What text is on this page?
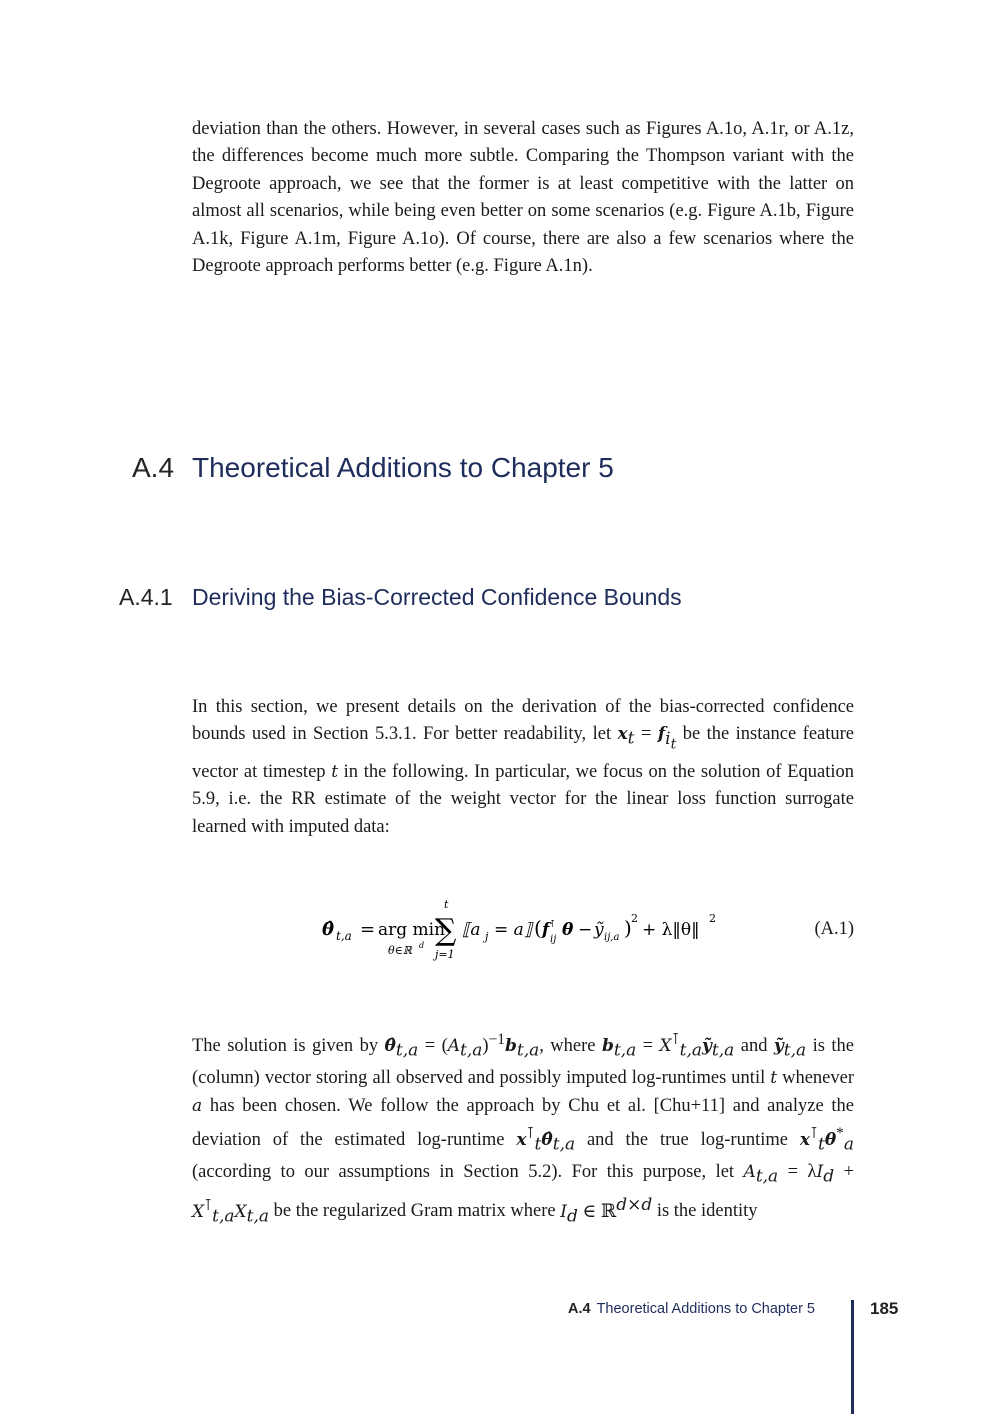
deviation than the others. However, in several cases such as Figures A.1o, A.1r, or A.1z, the differences become much more subtle. Comparing the Thompson variant with the Degroote approach, we see that the former is at least competitive with the latter on almost all scenarios, while being even better on some scenarios (e.g. Figure A.1b, Figure A.1k, Figure A.1m, Figure A.1o). Of course, there are also a few scenarios where the Degroote approach performs better (e.g. Figure A.1n).

A.4 Theoretical Additions to Chapter 5
A.4.1 Deriving the Bias-Corrected Confidence Bounds

In this section, we present details on the derivation of the bias-corrected confidence bounds used in Section 5.3.1. For better readability, let $x_t = f_{i_t}$ be the instance feature vector at timestep t in the following. In particular, we focus on the solution of Equation 5.9, i.e. the RR estimate of the weight vector for the linear loss function surrogate learned with imputed data:

θ̂ t,a = arg min
θ∈ℝ d
t
∑
j=1
⟦a j = a⟧ ( f ⊺
ij θ − ỹ ij,a ) 2
+ λ‖θ‖
2
(A.1)

The solution is given by $\thetâ_{t,a} = (A_{t,a})^{-1}b_{t,a}$, where $b_{t,a}$ = $X^⊺_{t,a}ỹ_{t,a}$ and ỹ$_{t,a}$ is the (column) vector storing all observed and possibly imputed log-runtimes until t whenever a has been chosen. We follow the approach by Chu et al. [Chu+11] and analyze the deviation of the estimated log-runtime $x^⊺_t\thetâ_{t,a}$ and the true log-runtime $x^⊺_t\theta^*_a$ (according to our assumptions in Section 5.2). For this purpose, let $A_{t,a} = \lambda I_d + X^⊺_{t,a}X_{t,a}$ be the regularized Gram matrix where $I_d$ ∈ ℝ$^{d\times d}$ is the identity

A.4 Theoretical Additions to Chapter 5	185
